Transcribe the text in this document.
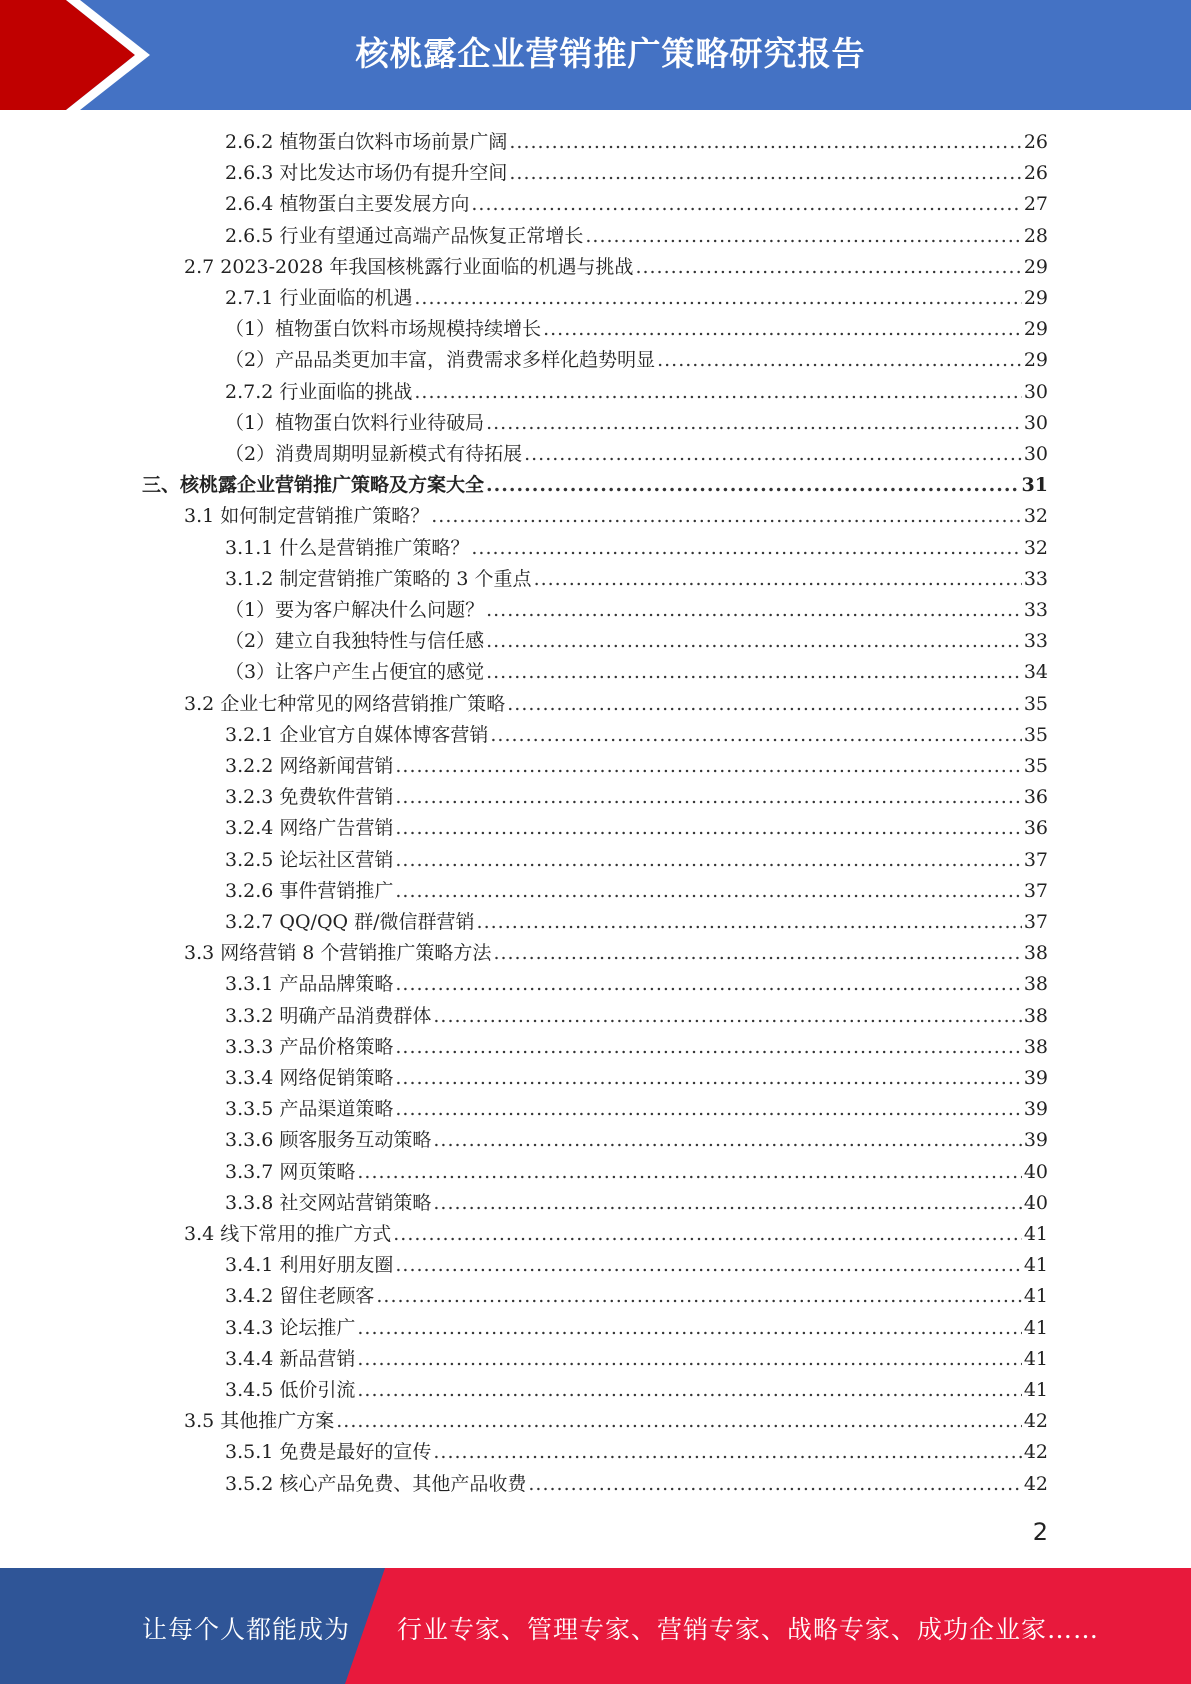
核桃露企业营销推广策略研究报告
2.6.2 植物蛋白饮料市场前景广阔 .....	26
2.6.3 对比发达市场仍有提升空间 .....	26
2.6.4 植物蛋白主要发展方向 .....	27
2.6.5 行业有望通过高端产品恢复正常增长 .....	28
2.7 2023-2028 年我国核桃露行业面临的机遇与挑战 .....	29
2.7.1 行业面临的机遇 .....	29
（1）植物蛋白饮料市场规模持续增长 .....	29
（2）产品品类更加丰富，消费需求多样化趋势明显 .....	29
2.7.2 行业面临的挑战 .....	30
（1）植物蛋白饮料行业待破局 .....	30
（2）消费周期明显新模式有待拓展 .....	30
三、核桃露企业营销推广策略及方案大全 .....	31
3.1 如何制定营销推广策略？ .....	32
3.1.1 什么是营销推广策略？ .....	32
3.1.2 制定营销推广策略的 3 个重点 .....	33
（1）要为客户解决什么问题？ .....	33
（2）建立自我独特性与信任感 .....	33
（3）让客户产生占便宜的感觉 .....	34
3.2 企业七种常见的网络营销推广策略 .....	35
3.2.1 企业官方自媒体博客营销 .....	35
3.2.2 网络新闻营销 .....	35
3.2.3 免费软件营销 .....	36
3.2.4 网络广告营销 .....	36
3.2.5 论坛社区营销 .....	37
3.2.6 事件营销推广 .....	37
3.2.7 QQ/QQ 群/微信群营销 .....	37
3.3 网络营销 8 个营销推广策略方法 .....	38
3.3.1 产品品牌策略 .....	38
3.3.2 明确产品消费群体 .....	38
3.3.3 产品价格策略 .....	38
3.3.4 网络促销策略 .....	39
3.3.5 产品渠道策略 .....	39
3.3.6 顾客服务互动策略 .....	39
3.3.7 网页策略 .....	40
3.3.8 社交网站营销策略 .....	40
3.4 线下常用的推广方式 .....	41
3.4.1 利用好朋友圈 .....	41
3.4.2 留住老顾客 .....	41
3.4.3 论坛推广 .....	41
3.4.4 新品营销 .....	41
3.4.5 低价引流 .....	41
3.5 其他推广方案 .....	42
3.5.1 免费是最好的宣传 .....	42
3.5.2 核心产品免费、其他产品收费 .....	42
2
让每个人都能成为 行业专家、管理专家、营销专家、战略专家、成功企业家……
